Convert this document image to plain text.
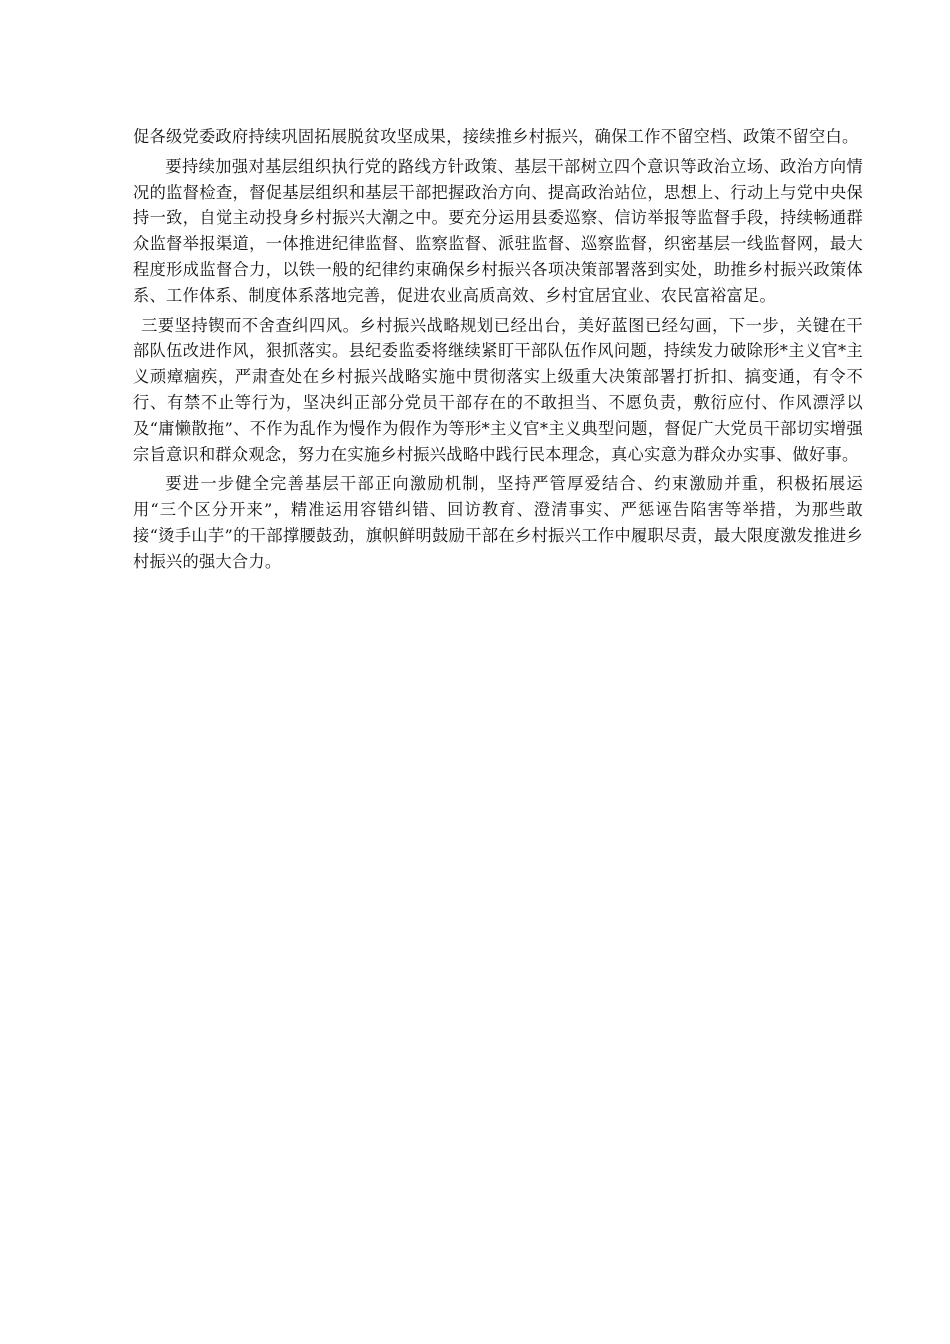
促各级党委政府持续巩固拓展脱贫攻坚成果，接续推乡村振兴，确保工作不留空档、政策不留空白。

要持续加强对基层组织执行党的路线方针政策、基层干部树立四个意识等政治立场、政治方向情况的监督检查，督促基层组织和基层干部把握政治方向、提高政治站位，思想上、行动上与党中央保持一致，自觉主动投身乡村振兴大潮之中。要充分运用县委巡察、信访举报等监督手段，持续畅通群众监督举报渠道，一体推进纪律监督、监察监督、派驻监督、巡察监督，织密基层一线监督网，最大程度形成监督合力，以铁一般的纪律约束确保乡村振兴各项决策部署落到实处，助推乡村振兴政策体系、工作体系、制度体系落地完善，促进农业高质高效、乡村宜居宜业、农民富裕富足。

三要坚持锲而不舍查纠四风。乡村振兴战略规划已经出台，美好蓝图已经勾画，下一步，关键在干部队伍改进作风，狠抓落实。县纪委监委将继续紧盯干部队伍作风问题，持续发力破除形*主义官*主义顽瘴痼疾，严肃查处在乡村振兴战略实施中贯彻落实上级重大决策部署打折扣、搞变通，有令不行、有禁不止等行为，坚决纠正部分党员干部存在的不敢担当、不愿负责，敷衍应付、作风漂浮以及“庸懒散拖”、不作为乱作为慢作为假作为等形*主义官*主义典型问题，督促广大党员干部切实增强宗旨意识和群众观念，努力在实施乡村振兴战略中践行民本理念，真心实意为群众办实事、做好事。

要进一步健全完善基层干部正向激励机制，坚持严管厚爱结合、约束激励并重，积极拓展运用“三个区分开来”，精准运用容错纠错、回访教育、澄清事实、严惩诬告陷害等举措，为那些敢接“烫手山芋”的干部撑腰鼓劲，旗帜鲜明鼓励干部在乡村振兴工作中履职尽责，最大限度激发推进乡村振兴的强大合力。
